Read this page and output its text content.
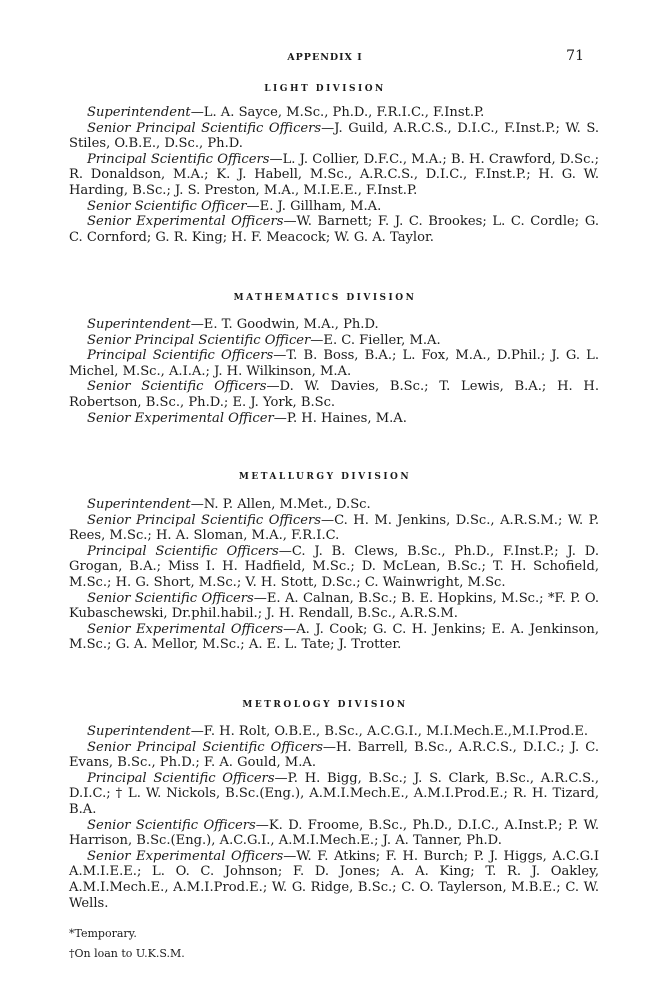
APPENDIX I	71
LIGHT DIVISION

Superintendent—L. A. Sayce, M.Sc., Ph.D., F.R.I.C., F.Inst.P.

Senior Principal Scientific Officers—J. Guild, A.R.C.S., D.I.C., F.Inst.P.; W. S. Stiles, O.B.E., D.Sc., Ph.D.

Principal Scientific Officers—L. J. Collier, D.F.C., M.A.; B. H. Crawford, D.Sc.; R. Donaldson, M.A.; K. J. Habell, M.Sc., A.R.C.S., D.I.C., F.Inst.P.; H. G. W. Harding, B.Sc.; J. S. Preston, M.A., M.I.E.E., F.Inst.P.

Senior Scientific Officer—E. J. Gillham, M.A.

Senior Experimental Officers—W. Barnett; F. J. C. Brookes; L. C. Cordle; G. C. Cornford; G. R. King; H. F. Meacock; W. G. A. Taylor.

MATHEMATICS DIVISION

Superintendent—E. T. Goodwin, M.A., Ph.D.

Senior Principal Scientific Officer—E. C. Fieller, M.A.

Principal Scientific Officers—T. B. Boss, B.A.; L. Fox, M.A., D.Phil.; J. G. L. Michel, M.Sc., A.I.A.; J. H. Wilkinson, M.A.

Senior Scientific Officers—D. W. Davies, B.Sc.; T. Lewis, B.A.; H. H. Robertson, B.Sc., Ph.D.; E. J. York, B.Sc.

Senior Experimental Officer—P. H. Haines, M.A.

METALLURGY DIVISION

Superintendent—N. P. Allen, M.Met., D.Sc.

Senior Principal Scientific Officers—C. H. M. Jenkins, D.Sc., A.R.S.M.; W. P. Rees, M.Sc.; H. A. Sloman, M.A., F.R.I.C.

Principal Scientific Officers—C. J. B. Clews, B.Sc., Ph.D., F.Inst.P.; J. D. Grogan, B.A.; Miss I. H. Hadfield, M.Sc.; D. McLean, B.Sc.; T. H. Schofield, M.Sc.; H. G. Short, M.Sc.; V. H. Stott, D.Sc.; C. Wainwright, M.Sc.

Senior Scientific Officers—E. A. Calnan, B.Sc.; B. E. Hopkins, M.Sc.; *F. P. O. Kubaschewski, Dr.phil.habil.; J. H. Rendall, B.Sc., A.R.S.M.

Senior Experimental Officers—A. J. Cook; G. C. H. Jenkins; E. A. Jenkinson, M.Sc.; G. A. Mellor, M.Sc.; A. E. L. Tate; J. Trotter.

METROLOGY DIVISION

Superintendent—F. H. Rolt, O.B.E., B.Sc., A.C.G.I., M.I.Mech.E.,M.I.Prod.E.

Senior Principal Scientific Officers—H. Barrell, B.Sc., A.R.C.S., D.I.C.; J. C. Evans, B.Sc., Ph.D.; F. A. Gould, M.A.

Principal Scientific Officers—P. H. Bigg, B.Sc.; J. S. Clark, B.Sc., A.R.C.S., D.I.C.; † L. W. Nickols, B.Sc.(Eng.), A.M.I.Mech.E., A.M.I.Prod.E.; R. H. Tizard, B.A.

Senior Scientific Officers—K. D. Froome, B.Sc., Ph.D., D.I.C., A.Inst.P.; P. W. Harrison, B.Sc.(Eng.), A.C.G.I., A.M.I.Mech.E.; J. A. Tanner, Ph.D.

Senior Experimental Officers—W. F. Atkins; F. H. Burch; P. J. Higgs, A.C.G.I A.M.I.E.E.; L. O. C. Johnson; F. D. Jones; A. A. King; T. R. J. Oakley, A.M.I.Mech.E., A.M.I.Prod.E.; W. G. Ridge, B.Sc.; C. O. Taylerson, M.B.E.; C. W. Wells.

*Temporary.

†On loan to U.K.S.M.
